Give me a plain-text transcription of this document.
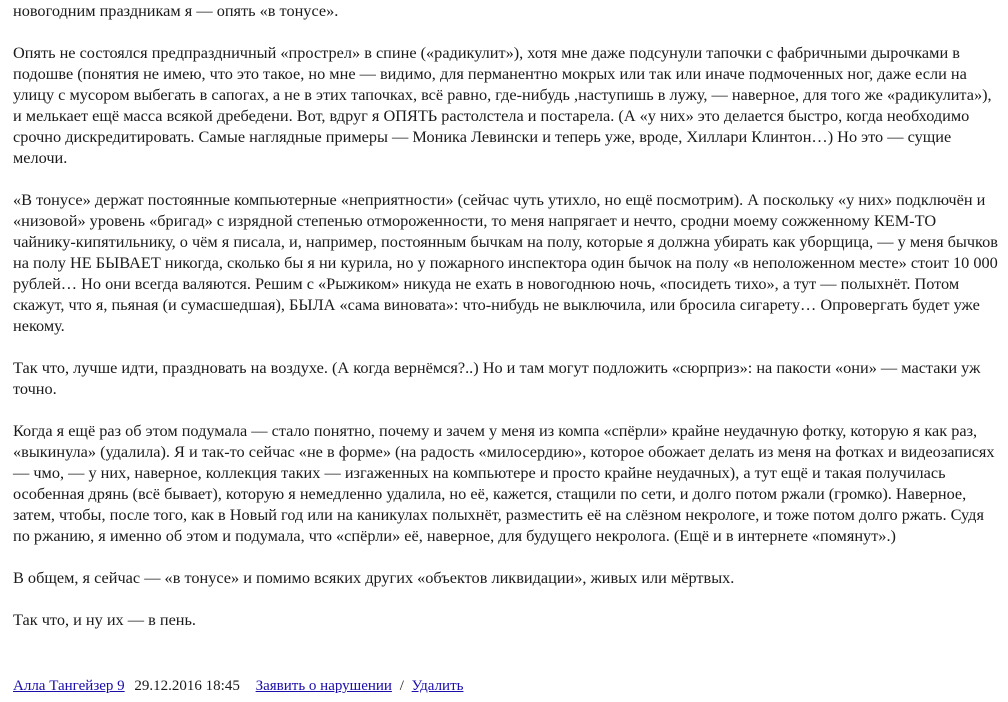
новогодним праздникам я — опять «в тонусе».

Опять не состоялся предпраздничный «прострел» в спине («радикулит»), хотя мне даже подсунули тапочки с фабричными дырочками в подошве (понятия не имею, что это такое, но мне — видимо, для перманентно мокрых или так или иначе подмоченных ног, даже если на улицу с мусором выбегать в сапогах, а не в этих тапочках, всё равно, где-нибудь ,наступишь в лужу, — наверное, для того же «радикулита»), и мелькает ещё масса всякой дребедени. Вот, вдруг я ОПЯТЬ растолстела и постарела. (А «у них» это делается быстро, когда необходимо срочно дискредитировать. Самые наглядные примеры — Моника Левински и теперь уже, вроде, Хиллари Клинтон…) Но это — сущие мелочи.

«В тонусе» держат постоянные компьютерные «неприятности» (сейчас чуть утихло, но ещё посмотрим). А поскольку «у них» подключён и «низовой» уровень «бригад» с изрядной степенью отмороженности, то меня напрягает и нечто, сродни моему сожженному КЕМ-ТО чайнику-кипятильнику, о чём я писала, и, например, постоянным бычкам на полу, которые я должна убирать как уборщица, — у меня бычков на полу НЕ БЫВАЕТ никогда, сколько бы я ни курила, но у пожарного инспектора один бычок на полу «в неположенном месте» стоит 10 000 рублей… Но они всегда валяются. Решим с «Рыжиком» никуда не ехать в новогоднюю ночь, «посидеть тихо», а тут — полыхнёт. Потом скажут, что я, пьяная (и сумасшедшая), БЫЛА «сама виновата»: что-нибудь не выключила, или бросила сигарету… Опровергать будет уже некому.

Так что, лучше идти, праздновать на воздухе. (А когда вернёмся?..) Но и там могут подложить «сюрприз»: на пакости «они» — мастаки уж точно.

Когда я ещё раз об этом подумала — стало понятно, почему и зачем у меня из компа «спёрли» крайне неудачную фотку, которую я как раз, «выкинула» (удалила). Я и так-то сейчас «не в форме» (на радость «милосердию», которое обожает делать из меня на фотках и видеозаписях — чмо, — у них, наверное, коллекция таких — изгаженных на компьютере и просто крайне неудачных), а тут ещё и такая получилась особенная дрянь (всё бывает), которую я немедленно удалила, но её, кажется, стащили по сети, и долго потом ржали (громко). Наверное, затем, чтобы, после того, как в Новый год или на каникулах полыхнёт, разместить её на слёзном некрологе, и тоже потом долго ржать. Судя по ржанию, я именно об этом и подумала, что «спёрли» её, наверное, для будущего некролога. (Ещё и в интернете «помянут».)

В общем, я сейчас — «в тонусе» и помимо всяких других «объектов ликвидации», живых или мёртвых.

Так что, и ну их — в пень.

Алла Тангейзер 9 29.12.2016 18:45 Заявить о нарушении / Удалить
